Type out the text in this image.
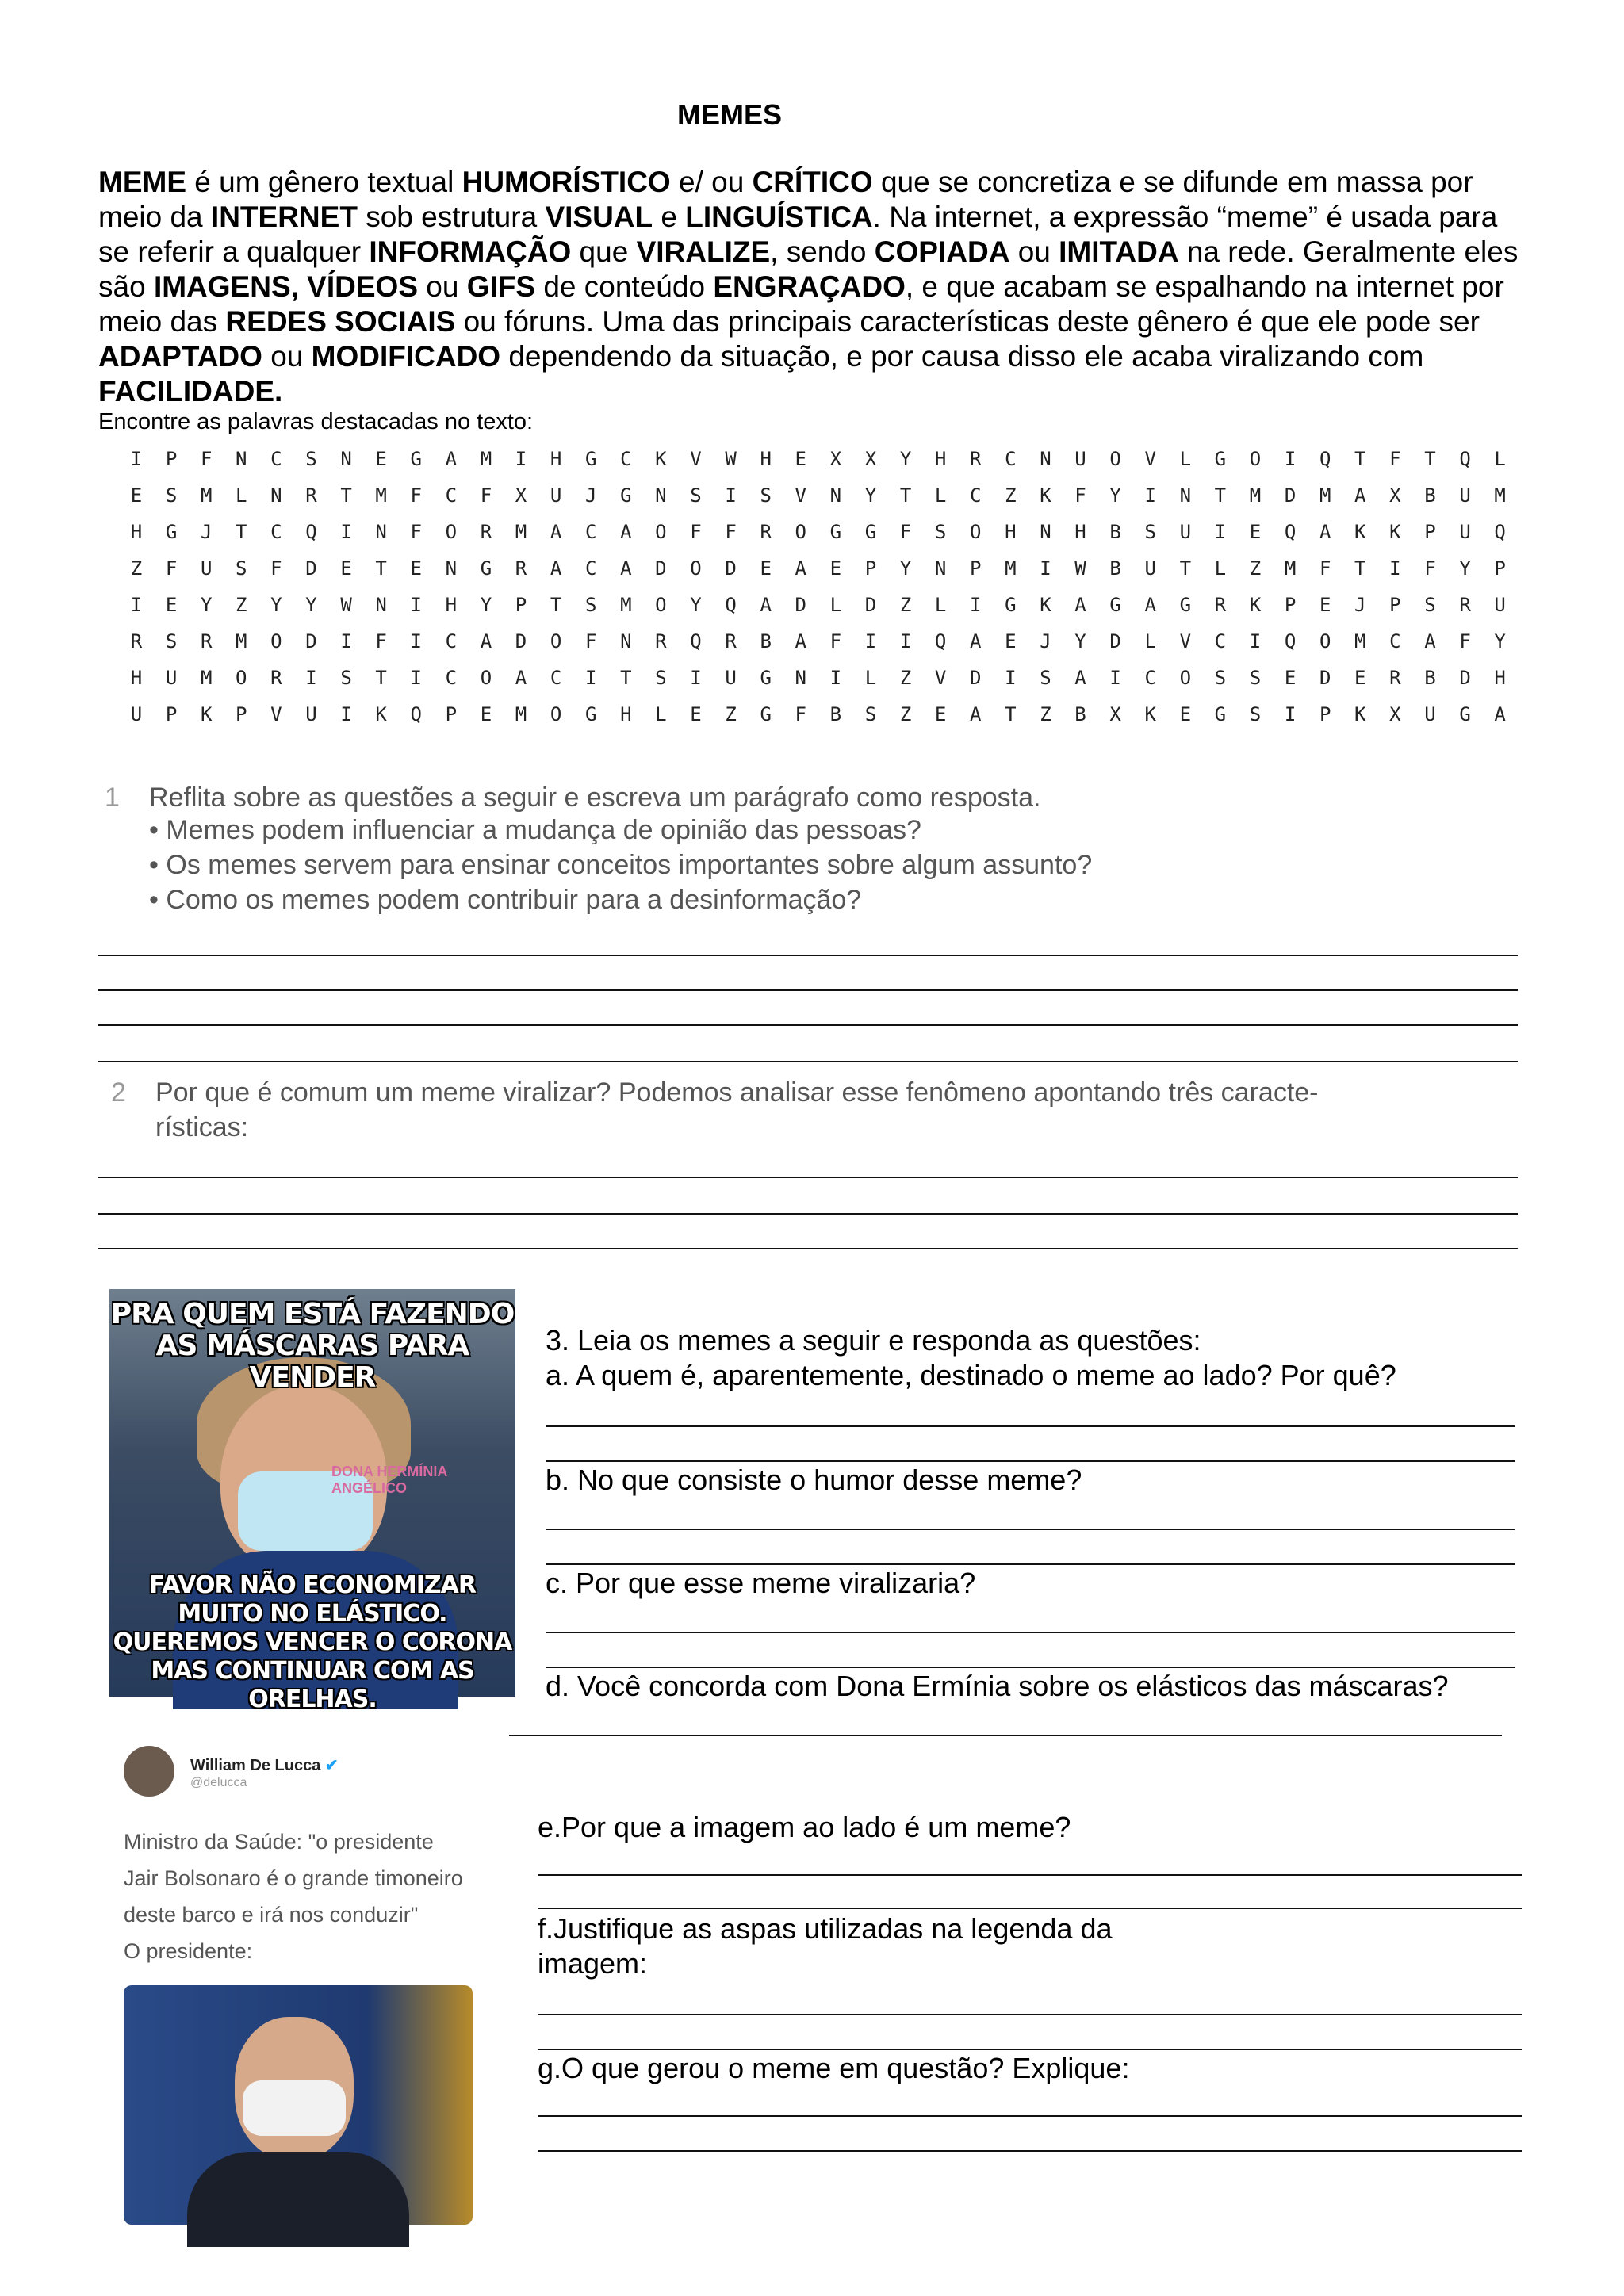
MEMES

MEME é um gênero textual HUMORÍSTICO e/ ou CRÍTICO que se concretiza e se difunde em massa por meio da INTERNET sob estrutura VISUAL e LINGUÍSTICA. Na internet, a expressão “meme” é usada para se referir a qualquer INFORMAÇÃO que VIRALIZE, sendo COPIADA ou IMITADA na rede. Geralmente eles são IMAGENS, VÍDEOS ou GIFS de conteúdo ENGRAÇADO, e que acabam se espalhando na internet por meio das REDES SOCIAIS ou fóruns. Uma das principais características deste gênero é que ele pode ser ADAPTADO ou MODIFICADO dependendo da situação, e por causa disso ele acaba viralizando com FACILIDADE.

Encontre as palavras destacadas no texto:
I	P	F	N	C	S	N	E	G	A	M	I	H	G	C	K	V	W	H	E	X	X	Y	H	R	C	N	U	O	V	L	G	O	I	Q	T	F	T	Q	L
E	S	M	L	N	R	T	M	F	C	F	X	U	J	G	N	S	I	S	V	N	Y	T	L	C	Z	K	F	Y	I	N	T	M	D	M	A	X	B	U	M
H	G	J	T	C	Q	I	N	F	O	R	M	A	C	A	O	F	F	R	O	G	G	F	S	O	H	N	H	B	S	U	I	E	Q	A	K	K	P	U	Q
Z	F	U	S	F	D	E	T	E	N	G	R	A	C	A	D	O	D	E	A	E	P	Y	N	P	M	I	W	B	U	T	L	Z	M	F	T	I	F	Y	P
I	E	Y	Z	Y	Y	W	N	I	H	Y	P	T	S	M	O	Y	Q	A	D	L	D	Z	L	I	G	K	A	G	A	G	R	K	P	E	J	P	S	R	U
R	S	R	M	O	D	I	F	I	C	A	D	O	F	N	R	Q	R	B	A	F	I	I	Q	A	E	J	Y	D	L	V	C	I	Q	O	M	C	A	F	Y
H	U	M	O	R	I	S	T	I	C	O	A	C	I	T	S	I	U	G	N	I	L	Z	V	D	I	S	A	I	C	O	S	S	E	D	E	R	B	D	H
U	P	K	P	V	U	I	K	Q	P	E	M	O	G	H	L	E	Z	G	F	B	S	Z	E	A	T	Z	B	X	K	E	G	S	I	P	K	X	U	G	A
1 Reflita sobre as questões a seguir e escreva um parágrafo como resposta.
• Memes podem influenciar a mudança de opinião das pessoas?
• Os memes servem para ensinar conceitos importantes sobre algum assunto?
• Como os memes podem contribuir para a desinformação?
2 Por que é comum um meme viralizar? Podemos analisar esse fenômeno apontando três caracte-
rísticas:
DONA HERMÍNIA ANGÉLICO
PRA QUEM ESTÁ FAZENDO AS MÁSCARAS PARA VENDER
FAVOR NÃO ECONOMIZAR MUITO NO ELÁSTICO. QUEREMOS VENCER O CORONA MAS CONTINUAR COM AS ORELHAS.
3. Leia os memes a seguir e responda as questões:
a. A quem é, aparentemente, destinado o meme ao lado? Por quê?
b. No que consiste o humor desse meme?
c. Por que esse meme viralizaria?
d. Você concorda com Dona Ermínia sobre os elásticos das máscaras?
William De Lucca ✔
@delucca
Ministro da Saúde: "o presidente Jair Bolsonaro é o grande timoneiro deste barco e irá nos conduzir"
O presidente:
e.Por que a imagem ao lado é um meme?
f.Justifique as aspas utilizadas na legenda da
imagem:
g.O que gerou o meme em questão? Explique:
